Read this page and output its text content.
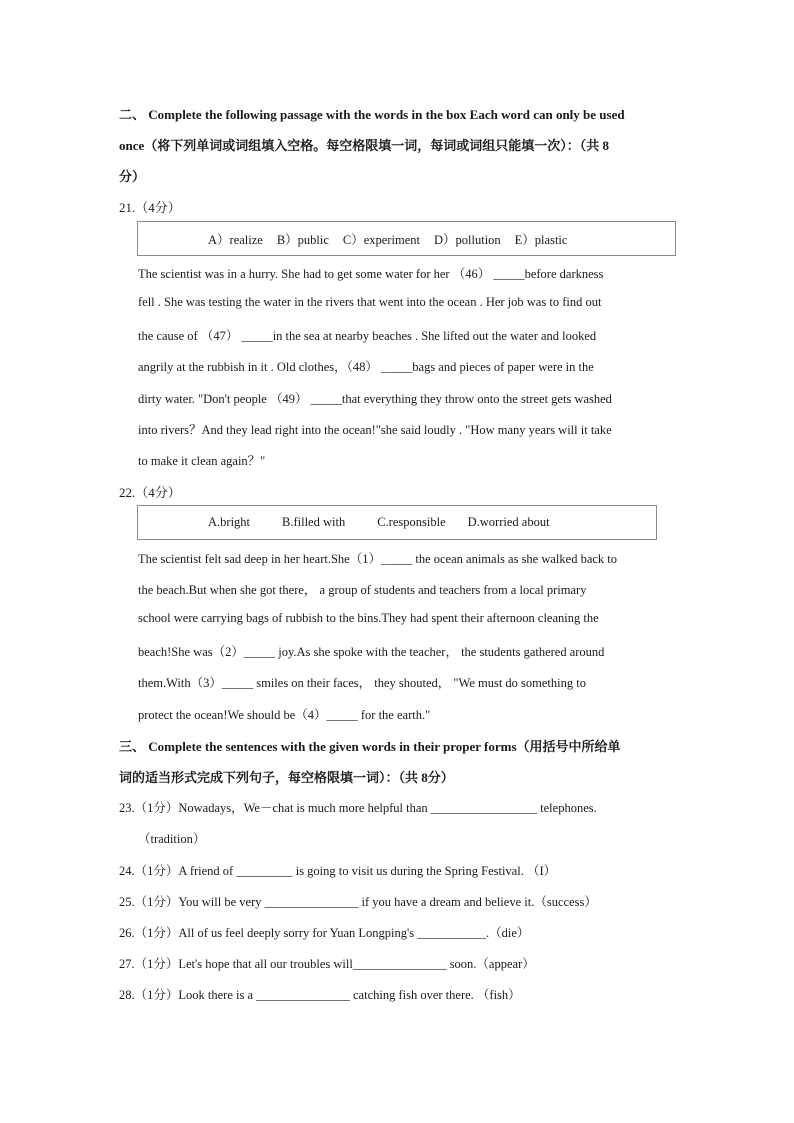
二、 Complete the following passage with the words in the box Each word can only be used
once（将下列单词或词组填入空格。每空格限填一词，每词或词组只能填一次）：（共 8
分）
21.（4分）
A）realize B）public C）experiment D）pollution E）plastic
The scientist was in a hurry. She had to get some water for her （46） _____before darkness
fell . She was testing the water in the rivers that went into the ocean . Her job was to find out
the cause of （47） _____in the sea at nearby beaches . She lifted out the water and looked
angrily at the rubbish in it . Old clothes，（48） _____bags and pieces of paper were in the
dirty water. "Don't people （49） _____that everything they throw onto the street gets washed
into rivers？And they lead right into the ocean!"she said loudly . "How many years will it take
to make it clean again？"
22.（4分）
A.bright	B.filled with	C.responsible D.worried about
The scientist felt sad deep in her heart.She（1）_____ the ocean animals as she walked back to
the beach.But when she got there， a group of students and teachers from a local primary
school were carrying bags of rubbish to the bins.They had spent their afternoon cleaning the
beach!She was（2）_____ joy.As she spoke with the teacher， the students gathered around
them.With（3）_____ smiles on their faces， they shouted， "We must do something to
protect the ocean!We should be（4）_____ for the earth."
三、 Complete the sentences with the given words in their proper forms（用括号中所给单
词的适当形式完成下列句子，每空格限填一词）：（共 8分）
23.（1分）Nowadays，We－chat is much more helpful than _________________ telephones.
（tradition）
24.（1分）A friend of _________ is going to visit us during the Spring Festival. （I）
25.（1分）You will be very _______________ if you have a dream and believe it.（success）
26.（1分）All of us feel deeply sorry for Yuan Longping's ___________.（die）
27.（1分）Let's hope that all our troubles will_______________ soon.（appear）
28.（1分）Look there is a _______________ catching fish over there. （fish）
